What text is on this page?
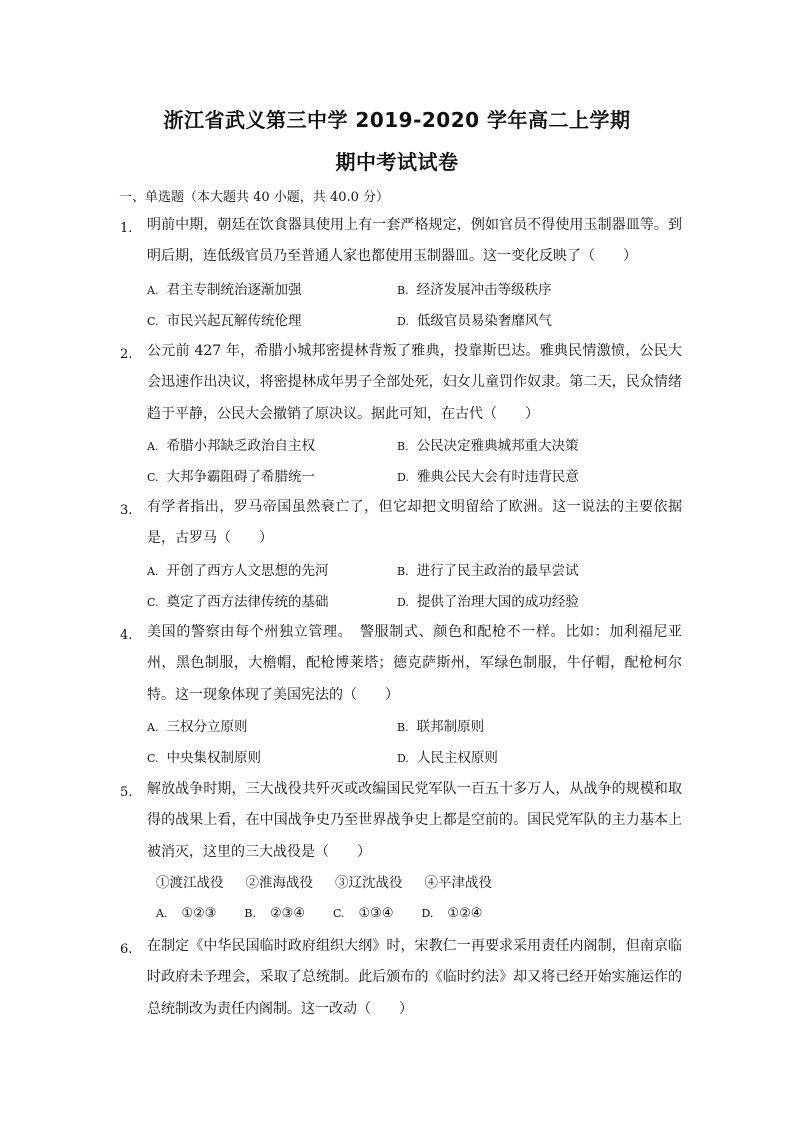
浙江省武义第三中学 2019-2020 学年高二上学期
期中考试试卷
一、单选题（本大题共 40 小题，共 40.0 分）
1. 明前中期，朝廷在饮食器具使用上有一套严格规定，例如官员不得使用玉制器皿等。到明后期，连低级官员乃至普通人家也都使用玉制器皿。这一变化反映了（　　）
A. 君主专制统治逐渐加强	B. 经济发展冲击等级秩序
C. 市民兴起瓦解传统伦理	D. 低级官员易染奢靡风气
2. 公元前 427 年，希腊小城邦密提林背叛了雅典，投靠斯巴达。雅典民情激愤，公民大会迅速作出决议，将密提林成年男子全部处死，妇女儿童罚作奴隶。第二天，民众情绪趋于平静，公民大会撤销了原决议。据此可知，在古代（　　）
A. 希腊小邦缺乏政治自主权	B. 公民决定雅典城邦重大决策
C. 大邦争霸阻碍了希腊统一	D. 雅典公民大会有时违背民意
3. 有学者指出，罗马帝国虽然衰亡了，但它却把文明留给了欧洲。这一说法的主要依据是，古罗马（　　）
A. 开创了西方人文思想的先河	B. 进行了民主政治的最早尝试
C. 奠定了西方法律传统的基础	D. 提供了治理大国的成功经验
4. 美国的警察由每个州独立管理。　警服制式、颜色和配枪不一样。比如：加利福尼亚州，黑色制服，大檐帽，配枪博莱塔；德克萨斯州，军绿色制服，牛仔帽，配枪柯尔特。这一现象体现了美国宪法的（　　）
A. 三权分立原则	B. 联邦制原则
C. 中央集权制原则	D. 人民主权原则
5. 解放战争时期，三大战役共歼灭或改编国民党军队一百五十多万人，从战争的规模和取得的战果上看，在中国战争史乃至世界战争史上都是空前的。国民党军队的主力基本上被消灭，这里的三大战役是（　　）
①渡江战役 ②淮海战役 ③辽沈战役 ④平津战役
A. ①②③	B. ②③④	C. ①③④	D. ①②④
6. 在制定《中华民国临时政府组织大纲》时，宋教仁一再要求采用责任内阁制，但南京临时政府未予理会，采取了总统制。此后颁布的《临时约法》却又将已经开始实施运作的总统制改为责任内阁制。这一改动（　　）
